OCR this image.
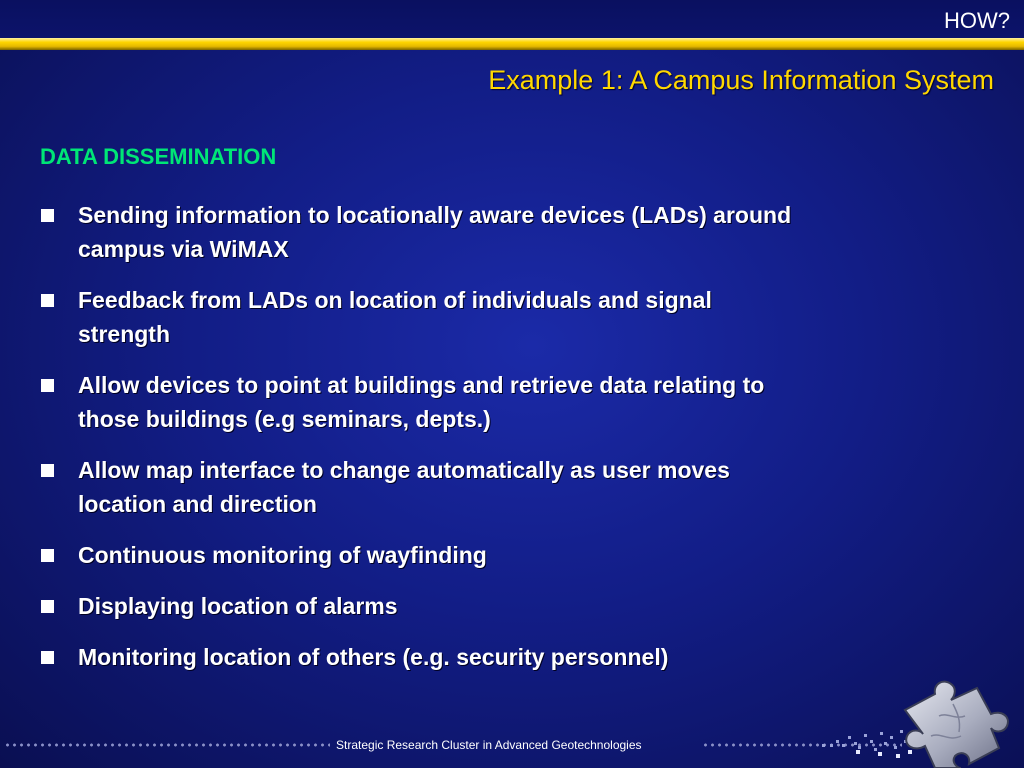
HOW?
Example 1: A Campus Information System
DATA DISSEMINATION
Sending information to locationally aware devices (LADs) around
campus via WiMAX
Feedback from LADs on location of individuals and signal
strength
Allow devices to point at buildings and retrieve data relating to
those buildings (e.g seminars, depts.)
Allow map interface to change automatically as user moves
location and direction
Continuous monitoring of wayfinding
Displaying location of alarms
Monitoring location of others (e.g. security personnel)
Strategic Research Cluster in Advanced Geotechnologies
